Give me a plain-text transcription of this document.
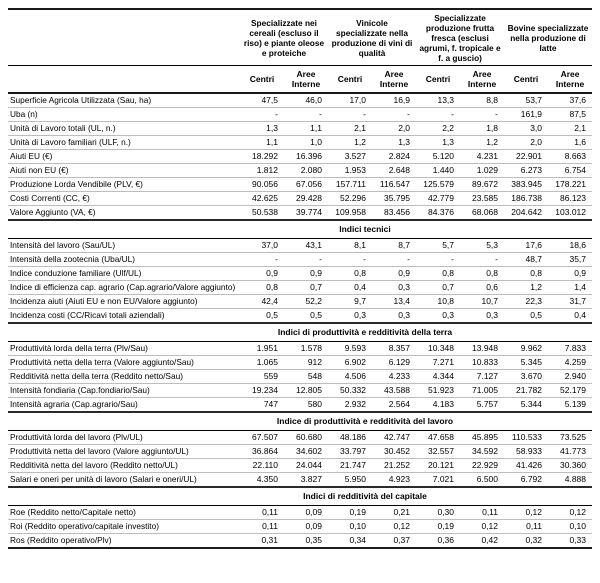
	Specializzate nei cereali (escluso il riso) e piante oleose e proteiche		Vinicole specializzate nella produzione di vini di qualità		Specializzate produzione frutta fresca (esclusi agrumi, f. tropicale e f. a guscio)		Bovine specializzate nella produzione di latte	
	Centri	Aree Interne	Centri	Aree Interne	Centri	Aree Interne	Centri	Aree Interne
Superficie Agricola Utilizzata (Sau, ha)	47,5	46,0	17,0	16,9	13,3	8,8	53,7	37,6
Uba (n)	-	-	-	-	-	-	161,9	87,5
Unità di Lavoro totali (UL, n.)	1,3	1,1	2,1	2,0	2,2	1,8	3,0	2,1
Unità di Lavoro familiari (ULF, n.)	1,1	1,0	1,2	1,3	1,3	1,2	2,0	1,6
Aiuti EU (€)	18.292	16.396	3.527	2.824	5.120	4.231	22.901	8.663
Aiuti non EU (€)	1.812	2.080	1.953	2.648	1.440	1.029	6.273	6.754
Produzione Lorda Vendibile (PLV, €)	90.056	67.056	157.711	116.547	125.579	89.672	383.945	178.221
Costi Correnti (CC, €)	42.625	29.428	52.296	35.795	42.779	23.585	186.738	86.123
Valore Aggiunto (VA, €)	50.538	39.774	109.958	83.456	84.376	68.068	204.642	103.012
Indici tecnici								
Intensità del lavoro (Sau/UL)	37,0	43,1	8,1	8,7	5,7	5,3	17,6	18,6
Intensità della zootecnia (Uba/UL)	-	-	-	-	-	-	48,7	35,7
Indice conduzione familiare (Ulf/UL)	0,9	0,9	0,8	0,9	0,8	0,8	0,8	0,9
Indice di efficienza cap. agrario (Cap.agrario/Valore aggiunto)	0,8	0,7	0,4	0,3	0,7	0,6	1,2	1,4
Incidenza aiuti (Aiuti EU e non EU/Valore aggiunto)	42,4	52,2	9,7	13,4	10,8	10,7	22,3	31,7
Incidenza costi (CC/Ricavi totali aziendali)	0,5	0,5	0,3	0,3	0,3	0,3	0,5	0,4
Indici di produttività e redditività della terra								
Produttività lorda della terra (Plv/Sau)	1.951	1.578	9.593	8.357	10.348	13.948	9.962	7.833
Produttività netta della terra (Valore aggiunto/Sau)	1.065	912	6.902	6.129	7.271	10.833	5.345	4.259
Redditività netta della terra (Reddito netto/Sau)	559	548	4.506	4.233	4.344	7.127	3.670	2.940
Intensità fondiaria (Cap.fondiario/Sau)	19.234	12.805	50.332	43.588	51.923	71.005	21.782	52.179
Intensità agraria (Cap.agrario/Sau)	747	580	2.932	2.564	4.183	5.757	5.344	5.139
Indice di produttività e redditività del lavoro								
Produttività lorda del lavoro (Plv/UL)	67.507	60.680	48.186	42.747	47.658	45.895	110.533	73.525
Produttività netta del lavoro (Valore aggiunto/UL)	36.864	34.602	33.797	30.452	32.557	34.592	58.933	41.773
Redditività netta del lavoro (Reddito netto/UL)	22.110	24.044	21.747	21.252	20.121	22.929	41.426	30.360
Salari e oneri per unità di lavoro (Salari e oneri/UL)	4.350	3.827	5.950	4.923	7.021	6.500	6.792	4.888
Indici di redditività del capitale								
Roe (Reddito netto/Capitale netto)	0,11	0,09	0,19	0,21	0,30	0,11	0,12	0,12
Roi (Reddito operativo/capitale investito)	0,11	0,09	0,10	0,12	0,19	0,12	0,11	0,10
Ros (Reddito operativo/Plv)	0,31	0,35	0,34	0,37	0,36	0,42	0,32	0,33
